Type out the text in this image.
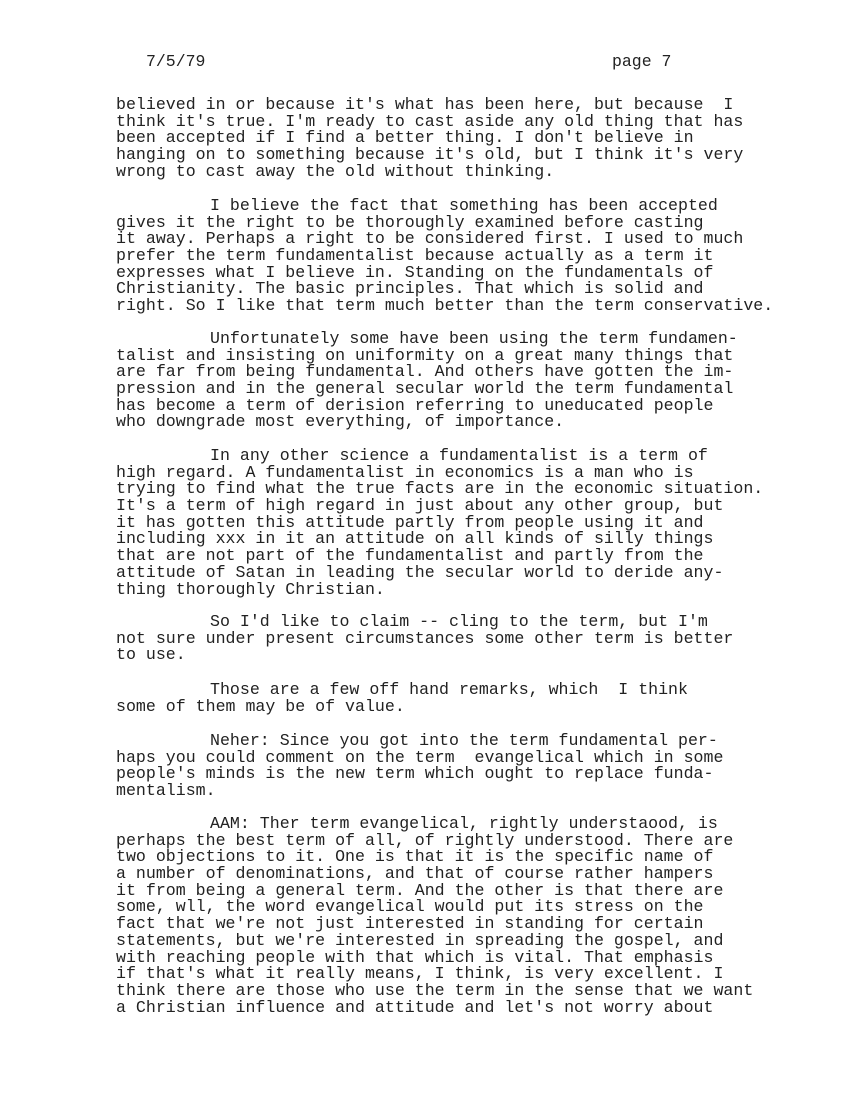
7/5/79	page 7
believed in or because it's what has been here, but because  I
think it's true. I'm ready to cast aside any old thing that has
been accepted if I find a better thing. I don't believe in
hanging on to something because it's old, but I think it's very
wrong to cast away the old without thinking.
I believe the fact that something has been accepted
gives it the right to be thoroughly examined before casting
it away. Perhaps a right to be considered first. I used to much
prefer the term fundamentalist because actually as a term it
expresses what I believe in. Standing on the fundamentals of
Christianity. The basic principles. That which is solid and
right. So I like that term much better than the term conservative.
Unfortunately some have been using the term fundamen-
talist and insisting on uniformity on a great many things that
are far from being fundamental. And others have gotten the im-
pression and in the general secular world the term fundamental
has become a term of derision referring to uneducated people
who downgrade most everything, of importance.
In any other science a fundamentalist is a term of
high regard. A fundamentalist in economics is a man who is
trying to find what the true facts are in the economic situation.
It's a term of high regard in just about any other group, but
it has gotten this attitude partly from people using it and
including xxx in it an attitude on all kinds of silly things
that are not part of the fundamentalist and partly from the
attitude of Satan in leading the secular world to deride any-
thing thoroughly Christian.
So I'd like to claim -- cling to the term, but I'm
not sure under present circumstances some other term is better
to use.
Those are a few off hand remarks, which  I think
some of them may be of value.
Neher: Since you got into the term fundamental per-
haps you could comment on the term  evangelical which in some
people's minds is the new term which ought to replace funda-
mentalism.
AAM: Ther term evangelical, rightly understaood, is
perhaps the best term of all, of rightly understood. There are
two objections to it. One is that it is the specific name of
a number of denominations, and that of course rather hampers
it from being a general term. And the other is that there are
some, wll, the word evangelical would put its stress on the
fact that we're not just interested in standing for certain
statements, but we're interested in spreading the gospel, and
with reaching people with that which is vital. That emphasis
if that's what it really means, I think, is very excellent. I
think there are those who use the term in the sense that we want
a Christian influence and attitude and let's not worry about
